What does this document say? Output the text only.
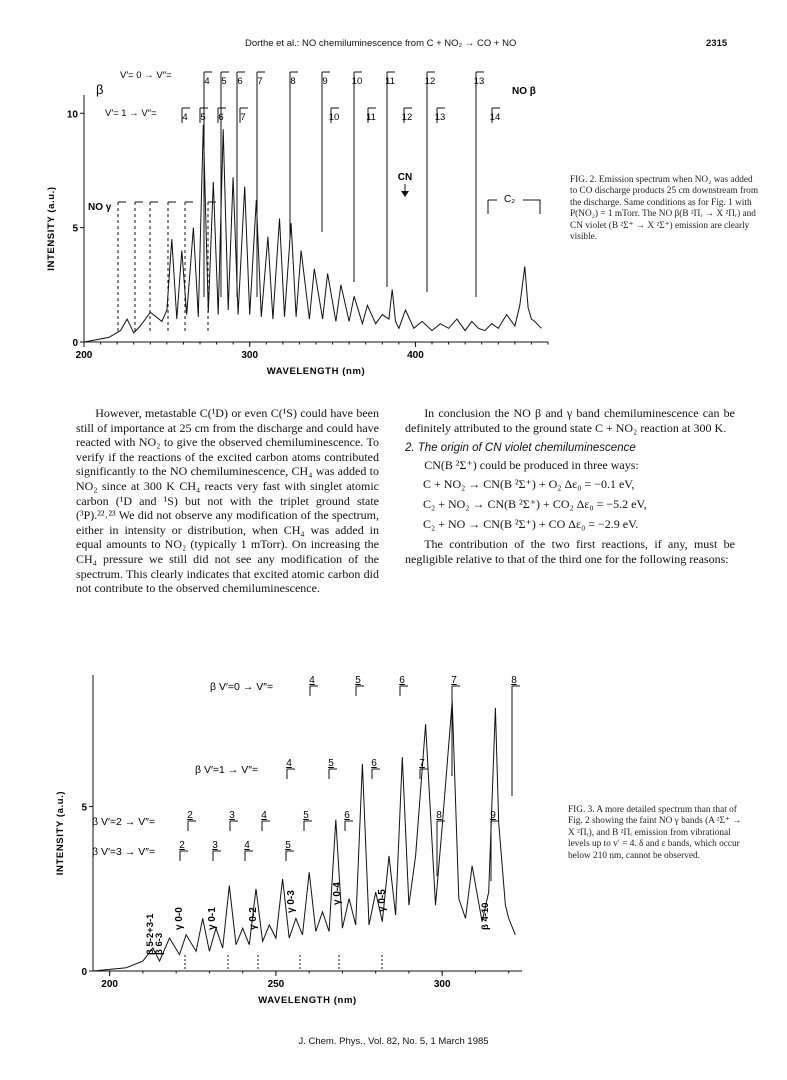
Dorthe et al.: NO chemiluminescence from C + NO₂ → CO + NO	2315
200	300	400
0
5
10
WAVELENGTH (nm)
INTENSITY (a.u.)
β
V′= 0 → V″=
V′= 1 → V″=
NO β
NO γ
CN
C₂
4 5 6 7	8	9	10 11	12	13
4 5 6 7	10	11	12 13	14
FIG. 2. Emission spectrum when NO₂ was added to CO discharge products 25 cm downstream from the discharge. Same conditions as for Fig. 1 with P(NO₂) = 1 mTorr. The NO β(B ²Πᵣ → X ²Πᵣ) and CN violet (B ²Σ⁺ → X ²Σ⁺) emission are clearly visible.

However, metastable C(¹D) or even C(¹S) could have been still of importance at 25 cm from the discharge and could have reacted with NO₂ to give the observed chemiluminescence. To verify if the reactions of the excited carbon atoms contributed significantly to the NO chemiluminescence, CH₄ was added to NO₂ since at 300 K CH₄ reacts very fast with singlet atomic carbon (¹D and ¹S) but not with the triplet ground state (³P).²²˒²³ We did not observe any modification of the spectrum, either in intensity or distribution, when CH₄ was added in equal amounts to NO₂ (typically 1 mTorr). On increasing the CH₄ pressure we still did not see any modification of the spectrum. This clearly indicates that excited atomic carbon did not contribute to the observed chemiluminescence.

In conclusion the NO β and γ band chemiluminescence can be definitely attributed to the ground state C + NO₂ reaction at 300 K.

2. The origin of CN violet chemiluminescence

CN(B ²Σ⁺) could be produced in three ways:

C + NO₂ → CN(B ²Σ⁺) + O₂ Δε₀ = −0.1 eV,
C₂ + NO₂ → CN(B ²Σ⁺) + CO₂ Δε₀ = −5.2 eV,
C₂ + NO → CN(B ²Σ⁺) + CO Δε₀ = −2.9 eV.

The contribution of the two first reactions, if any, must be negligible relative to that of the third one for the following reasons:

200	250	300
0
5
WAVELENGTH (nm)
INTENSITY (a.u.)
β V′=0 → V″=
4	5	6	7	8
β V′=1 → V″=
4	5	6	7
β V′=2 → V″=
2	3	4	5	6	8	9
β V′=3 → V″=
2	3	4	5
γ 0-0 γ 0-1	γ 0-2
γ 0-3	γ 0-4	γ 0-5
β 5-2+3-1
β 6-3
β 4-10
FIG. 3. A more detailed spectrum than that of Fig. 2 showing the faint NO γ bands (A ²Σ⁺ → X ²Πᵣ), and B ²Πᵣ emission from vibrational levels up to v′ = 4. δ and ε bands, which occur below 210 nm, cannot be observed.
J. Chem. Phys., Vol. 82, No. 5, 1 March 1985
